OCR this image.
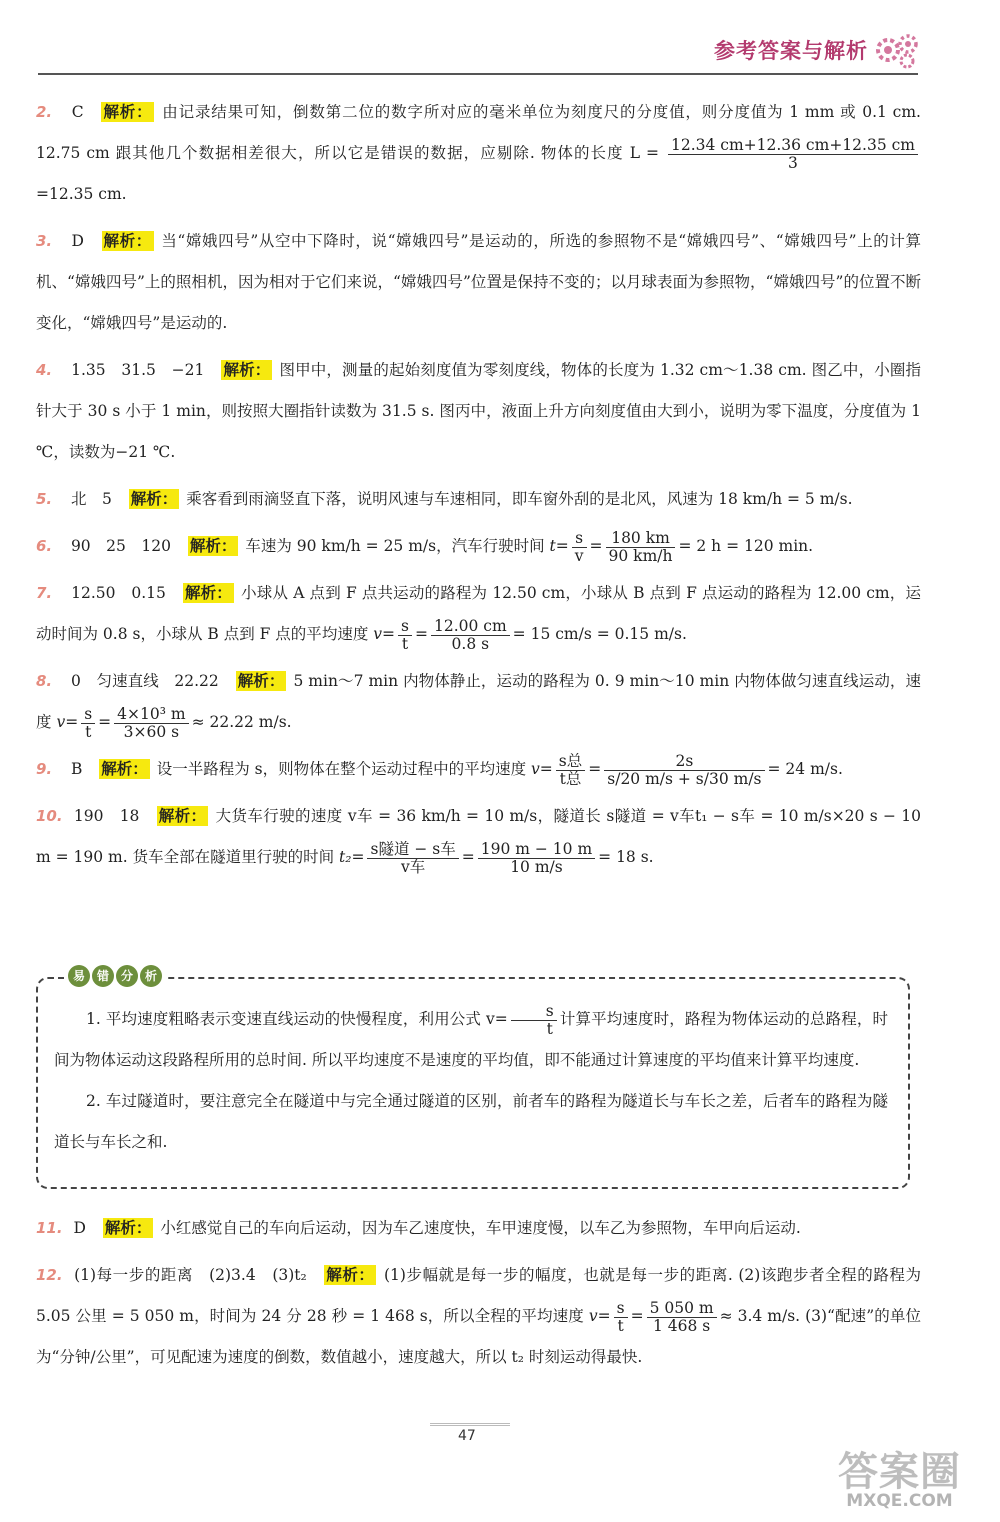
参考答案与解析
2. C 解析： 由记录结果可知，倒数第二位的数字所对应的毫米单位为刻度尺的分度值，则分度值为 1 mm 或 0.1 cm. 12.75 cm 跟其他几个数据相差很大，所以它是错误的数据，应剔除. 物体的长度 $L = \frac{12.34 cm+12.36 cm+12.35 cm}{3}$
=12.35 cm.
3. D 解析： 当“嫦娥四号”从空中下降时，说“嫦娥四号”是运动的，所选的参照物不是“嫦娥四号”、“嫦娥四号”上的计算机、“嫦娥四号”上的照相机，因为相对于它们来说，“嫦娥四号”位置是保持不变的；以月球表面为参照物，“嫦娥四号”的位置不断变化，“嫦娥四号”是运动的.
4. 1.35　31.5　−21 解析： 图甲中，测量的起始刻度值为零刻度线，物体的长度为 1.32 cm～1.38 cm. 图乙中，小圈指针大于 30 s 小于 1 min，则按照大圈指针读数为 31.5 s. 图丙中，液面上升方向刻度值由大到小，说明为零下温度，分度值为 1 ℃，读数为−21 ℃.
5. 北　5 解析： 乘客看到雨滴竖直下落，说明风速与车速相同，即车窗外刮的是北风，风速为 18 km/h = 5 m/s.
6. 90　25　120 解析： 车速为 90 km/h = 25 m/s，汽车行驶时间 $t= \frac{s}{v} = \frac{180 km}{90 km/h} = 2$ h = 120 min.
7. 12.50　0.15 解析： 小球从 A 点到 F 点共运动的路程为 12.50 cm，小球从 B 点到 F 点运动的路程为 12.00 cm，运动时间为 0.8 s，小球从 B 点到 F 点的平均速度 $v= \frac{s}{t} = \frac{12.00 cm}{0.8 s} = 15$ cm/s = 0.15 m/s.
8. 0　匀速直线　22.22 解析： 5 min～7 min 内物体静止，运动的路程为 0. 9 min～10 min 内物体做匀速直线运动，速度 $v= \frac{s}{t} = \frac{\text{4×10³ m}}{3\times 60 s} \approx 22.22$ m/s.
9. B 解析： 设一半路程为 s，则物体在整个运动过程中的平均速度 $v= \frac{\text{s总}}{\text{t总}} = \frac{2s}{s/20 m/s + s/30 m/s} = 24$ m/s.
10. 190　18 解析： 大货车行驶的速度 v车 = 36 km/h = 10 m/s，隧道长 s隧道 = v车t₁ − s车 = 10 m/s×20 s − 10 m = 190 m. 货车全部在隧道里行驶的时间 $t_2= \frac{\text{s隧道 − s车}}{\text{v车}} = \frac{190 m - 10 m}{10 m/s} = 18$ s.
易 错 分 析

1. 平均速度粗略表示变速直线运动的快慢程度，利用公式 $v= \frac{s}{t}$ 计算平均速度时，路程为物体运动的总路程，时间为物体运动这段路程所用的总时间. 所以平均速度不是速度的平均值，即不能通过计算速度的平均值来计算平均速度.

2. 车过隧道时，要注意完全在隧道中与完全通过隧道的区别，前者车的路程为隧道长与车长之差，后者车的路程为隧道长与车长之和.

11. D 解析： 小红感觉自己的车向后运动，因为车乙速度快，车甲速度慢，以车乙为参照物，车甲向后运动.
12. (1)每一步的距离　(2)3.4　(3)t₂ 解析： (1)步幅就是每一步的幅度，也就是每一步的距离. (2)该跑步者全程的路程为 5.05 公里 = 5 050 m，时间为 24 分 28 秒 = 1 468 s，所以全程的平均速度 $v= \frac{s}{t} = \frac{5 050 m}{1 468 s} \approx 3.4$ m/s. (3)“配速”的单位为“分钟/公里”，可见配速为速度的倒数，数值越小，速度越大，所以 t₂ 时刻运动得最快.
47
答案圈
MXQE.COM
